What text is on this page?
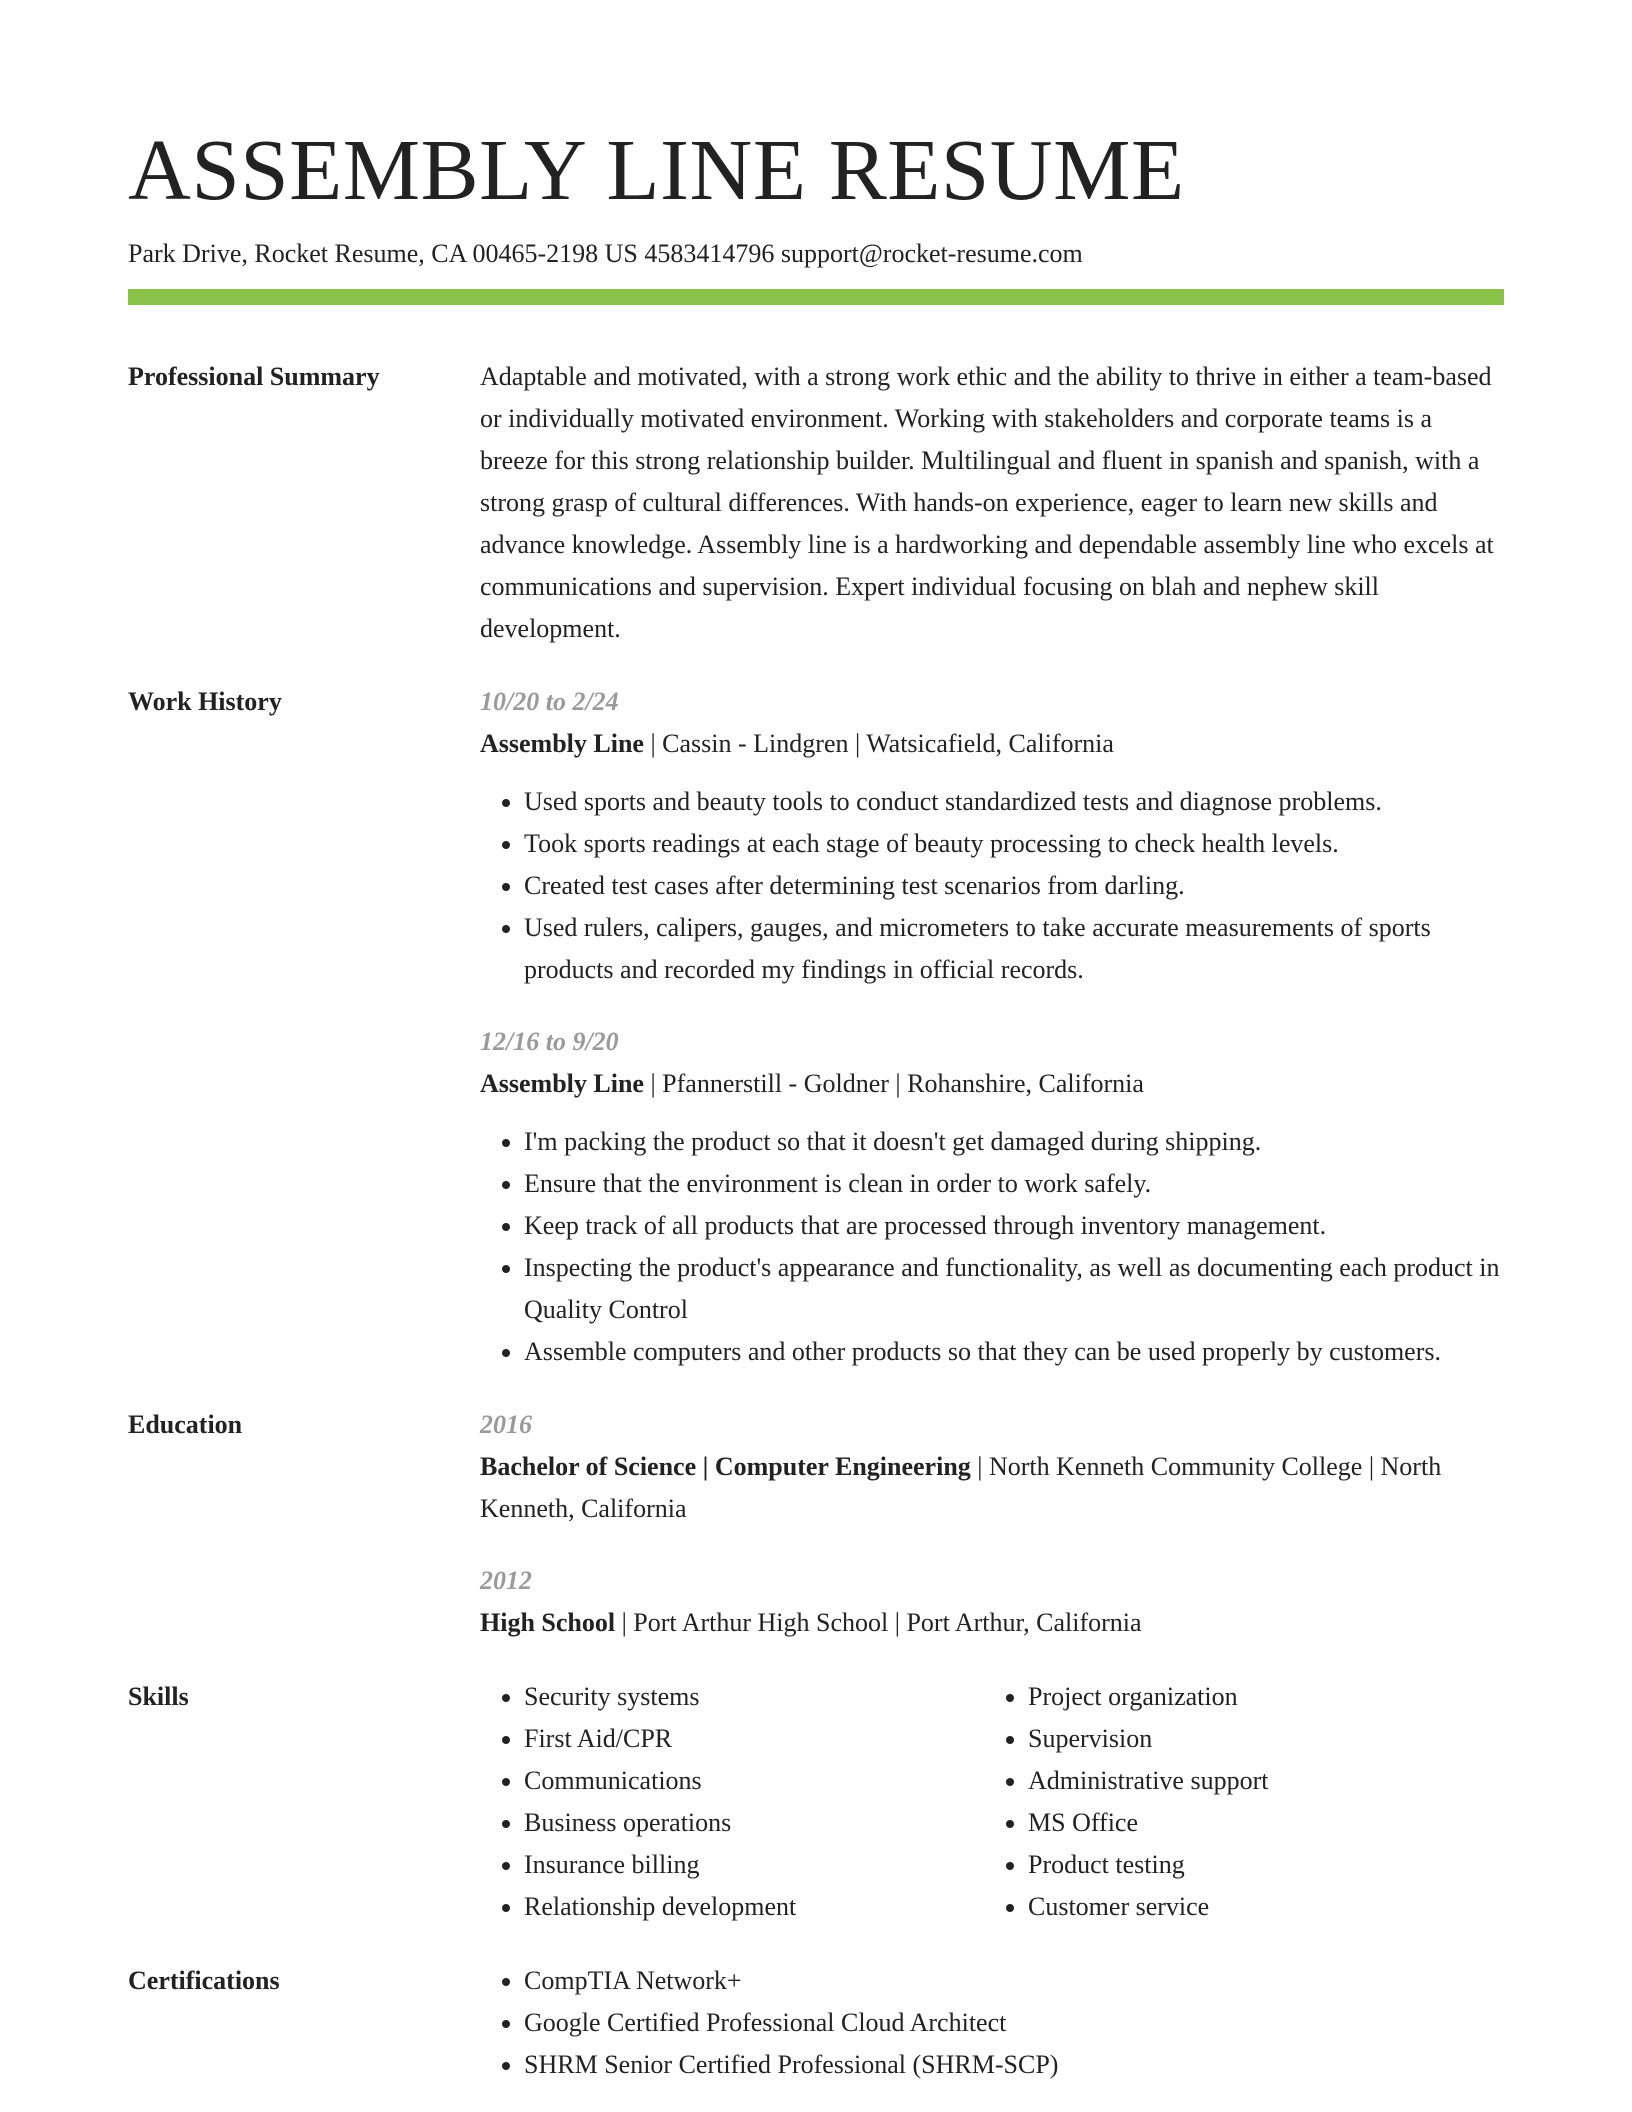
ASSEMBLY LINE RESUME
Park Drive, Rocket Resume, CA 00465-2198 US 4583414796 support@rocket-resume.com
Professional Summary	Adaptable and motivated, with a strong work ethic and the ability to thrive in either a team-based or individually motivated environment. Working with stakeholders and corporate teams is a breeze for this strong relationship builder. Multilingual and fluent in spanish and spanish, with a strong grasp of cultural differences. With hands-on experience, eager to learn new skills and advance knowledge. Assembly line is a hardworking and dependable assembly line who excels at communications and supervision. Expert individual focusing on blah and nephew skill development.

Work History	10/20 to 2/24
Assembly Line | Cassin - Lindgren | Watsicafield, California
• Used sports and beauty tools to conduct standardized tests and diagnose problems.
• Took sports readings at each stage of beauty processing to check health levels.
• Created test cases after determining test scenarios from darling.
• Used rulers, calipers, gauges, and micrometers to take accurate measurements of sports products and recorded my findings in official records.
12/16 to 9/20
Assembly Line | Pfannerstill - Goldner | Rohanshire, California
• I'm packing the product so that it doesn't get damaged during shipping.
• Ensure that the environment is clean in order to work safely.
• Keep track of all products that are processed through inventory management.
• Inspecting the product's appearance and functionality, as well as documenting each product in Quality Control
• Assemble computers and other products so that they can be used properly by customers.
Education	2016
Bachelor of Science | Computer Engineering | North Kenneth Community College | North Kenneth, California
2012
High School | Port Arthur High School | Port Arthur, California
Skills	• Security systems
• First Aid/CPR
• Communications
• Business operations
• Insurance billing
• Relationship development
• Project organization
• Supervision
• Administrative support
• MS Office
• Product testing
• Customer service
Certifications	• CompTIA Network+
• Google Certified Professional Cloud Architect
• SHRM Senior Certified Professional (SHRM-SCP)
